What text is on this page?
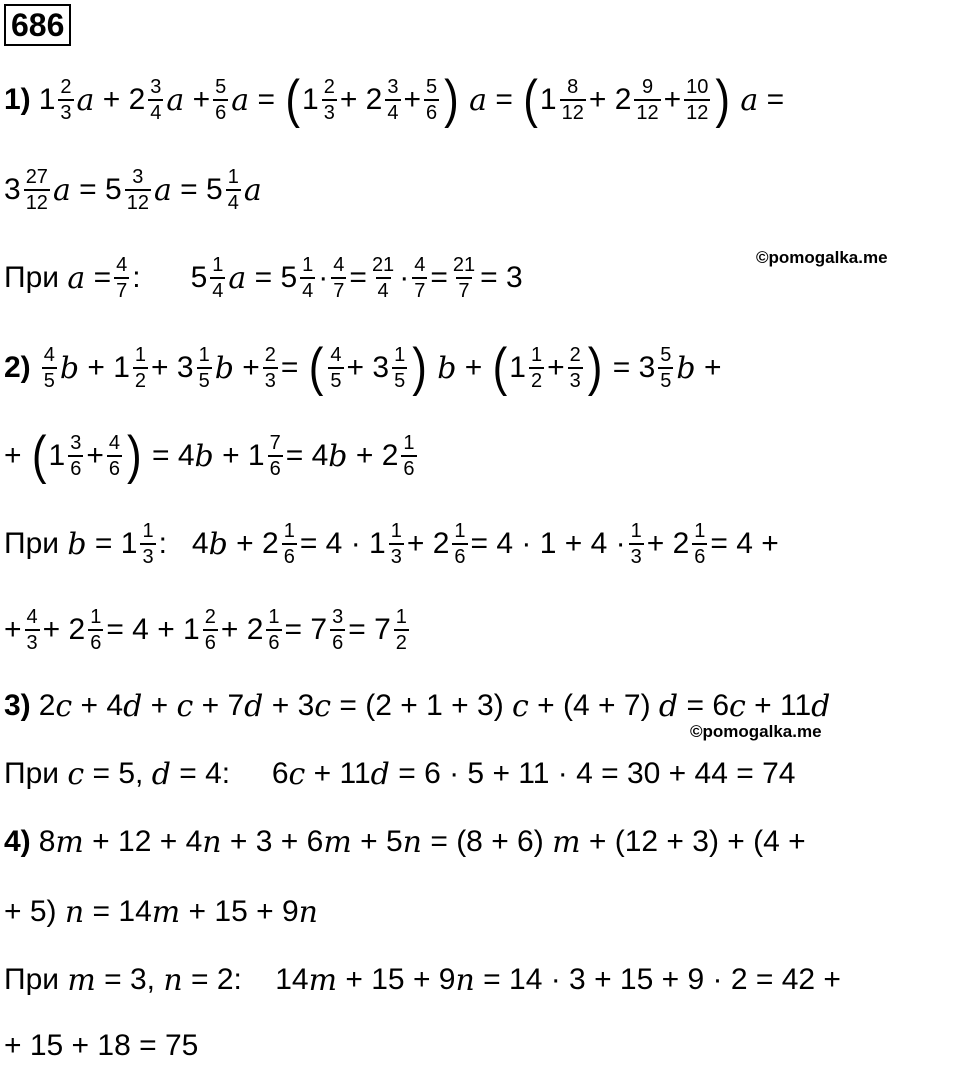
686
1) 1 2
3 a + 2 3
4 a + 5
6 a = ( 1 2
3 + 2 3
4 + 5
6 )
a = ( 1 8
12 + 2 9
12 + 10
12 )
a =
3 27
12 a = 5 3
12 a = 5 1
4 a
При
a = 4
7 :      5 1
4 a = 5 1
4 · 4
7 = 21
4 · 4
7 = 21
7 = 3
©pomogalka.me
2) 4
5 b + 1 1
2 + 3 1
5 b + 2
3 = ( 4
5 + 3 1
5 )
b + ( 1 1
2 + 2
3 ) = 3 5
5 b +
+ ( 1 3
6 + 4
6 ) = 4 b + 1 7
6 = 4 b + 2 1
6
При
b = 1 1
3 :   4 b + 2 1
6 = 4 · 1 1
3 + 2 1
6 = 4 · 1 + 4 · 1
3 + 2 1
6 = 4 +
+ 4
3 + 2 1
6 = 4 + 1 2
6 + 2 1
6 = 7 3
6 = 7 1
2
3) 2 c + 4 d + c + 7 d + 3 c = (2 + 1 + 3) c + (4 + 7) d = 6 c + 11 d
©pomogalka.me
При
c = 5, d = 4:     6 c + 11 d = 6 · 5 + 11 · 4 = 30 + 44 = 74
4) 8 m + 12 + 4 n + 3 + 6 m + 5 n = (8 + 6) m + (12 + 3) + (4 +
+ 5)
n = 14 m + 15 + 9 n
При
m = 3, n = 2:    14 m + 15 + 9 n = 14 · 3 + 15 + 9 · 2 = 42 +
+ 15 + 18 = 75
